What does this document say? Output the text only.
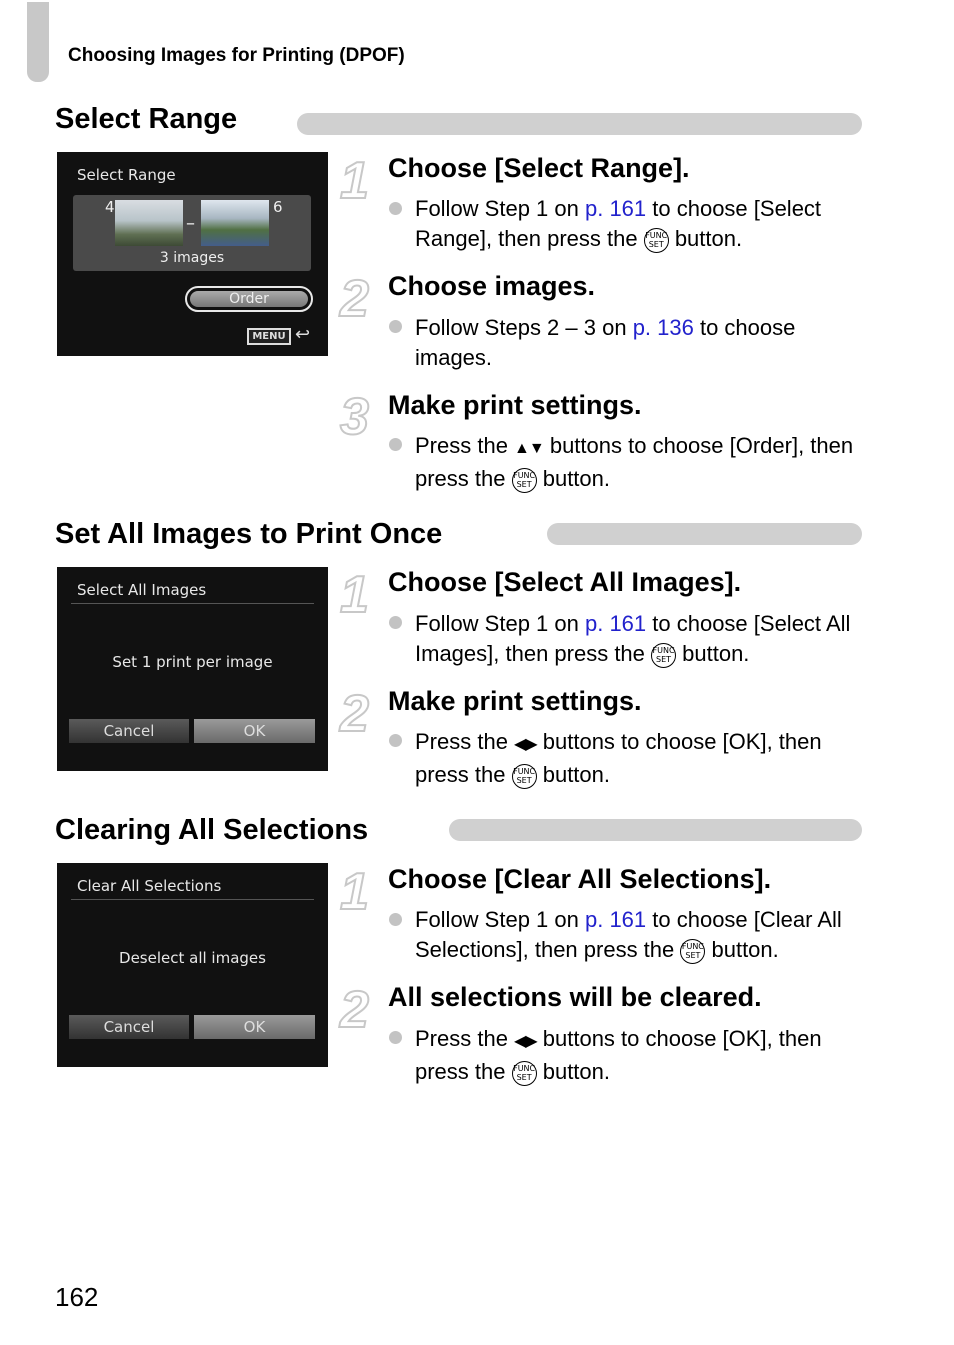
Choosing Images for Printing (DPOF)
Select Range
Select Range
4
–
6
3 images
Order
MENU ↩
1 Choose [Select Range].
Follow Step 1 on p. 161 to choose [Select Range], then press the FUNC
SET button.
2 Choose images.
Follow Steps 2 – 3 on p. 136 to choose images.
3 Make print settings.
Press the ▲▼ buttons to choose [Order], then press the FUNC
SET button.
Set All Images to Print Once
Select All Images
Set 1 print per image
Cancel	OK
1 Choose [Select All Images].
Follow Step 1 on p. 161 to choose [Select All Images], then press the FUNC
SET button.
2 Make print settings.
Press the ◀▶ buttons to choose [OK], then press the FUNC
SET button.
Clearing All Selections
Clear All Selections
Deselect all images
Cancel	OK
1 Choose [Clear All Selections].
Follow Step 1 on p. 161 to choose [Clear All Selections], then press the FUNC
SET button.
2 All selections will be cleared.
Press the ◀▶ buttons to choose [OK], then press the FUNC
SET button.
162
